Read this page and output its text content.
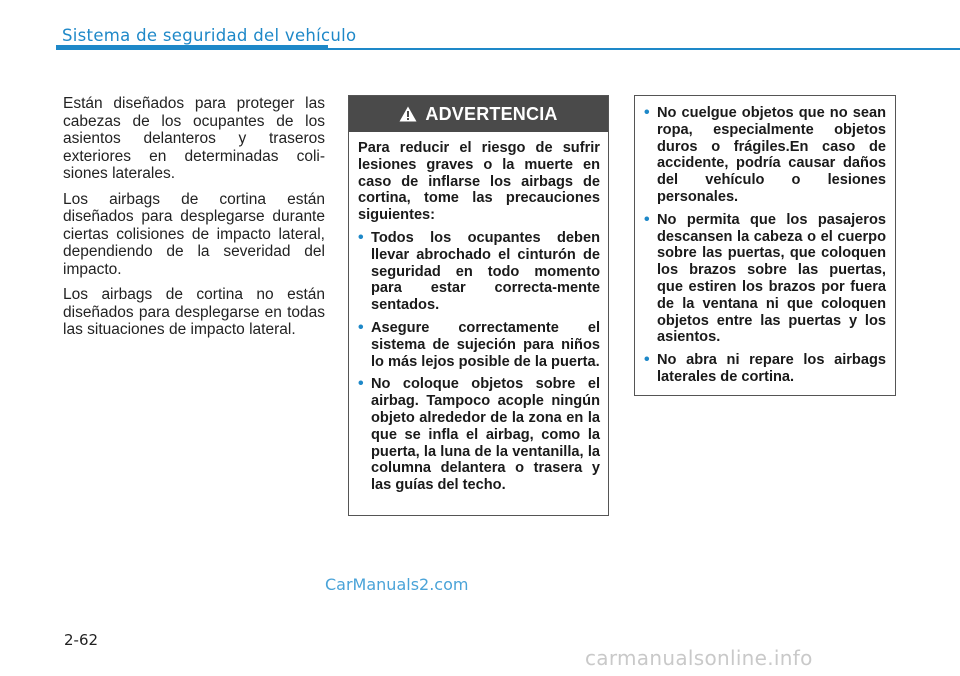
Sistema de seguridad del vehículo

Están diseñados para proteger las cabezas de los ocupantes de los asientos delanteros y traseros exteriores en determinadas coli-siones laterales.

Los airbags de cortina están diseñados para desplegarse durante ciertas colisiones de impacto lateral, dependiendo de la severidad del impacto.

Los airbags de cortina no están diseñados para desplegarse en todas las situaciones de impacto lateral.

ADVERTENCIA

Para reducir el riesgo de sufrir lesiones graves o la muerte en caso de inflarse los airbags de cortina, tome las precauciones siguientes:

• Todos los ocupantes deben llevar abrochado el cinturón de seguridad en todo momento para estar correcta-mente sentados.
• Asegure correctamente el sistema de sujeción para niños lo más lejos posible de la puerta.
• No coloque objetos sobre el airbag. Tampoco acople ningún objeto alrededor de la zona en la que se infla el airbag, como la puerta, la luna de la ventanilla, la columna delantera o trasera y las guías del techo.
• No cuelgue objetos que no sean ropa, especialmente objetos duros o frágiles.En caso de accidente, podría causar daños del vehículo o lesiones personales.
• No permita que los pasajeros descansen la cabeza o el cuerpo sobre las puertas, que coloquen los brazos sobre las puertas, que estiren los brazos por fuera de la ventana ni que coloquen objetos entre las puertas y los asientos.
• No abra ni repare los airbags laterales de cortina.
CarManuals2.com
2-62
carmanualsonline.info
